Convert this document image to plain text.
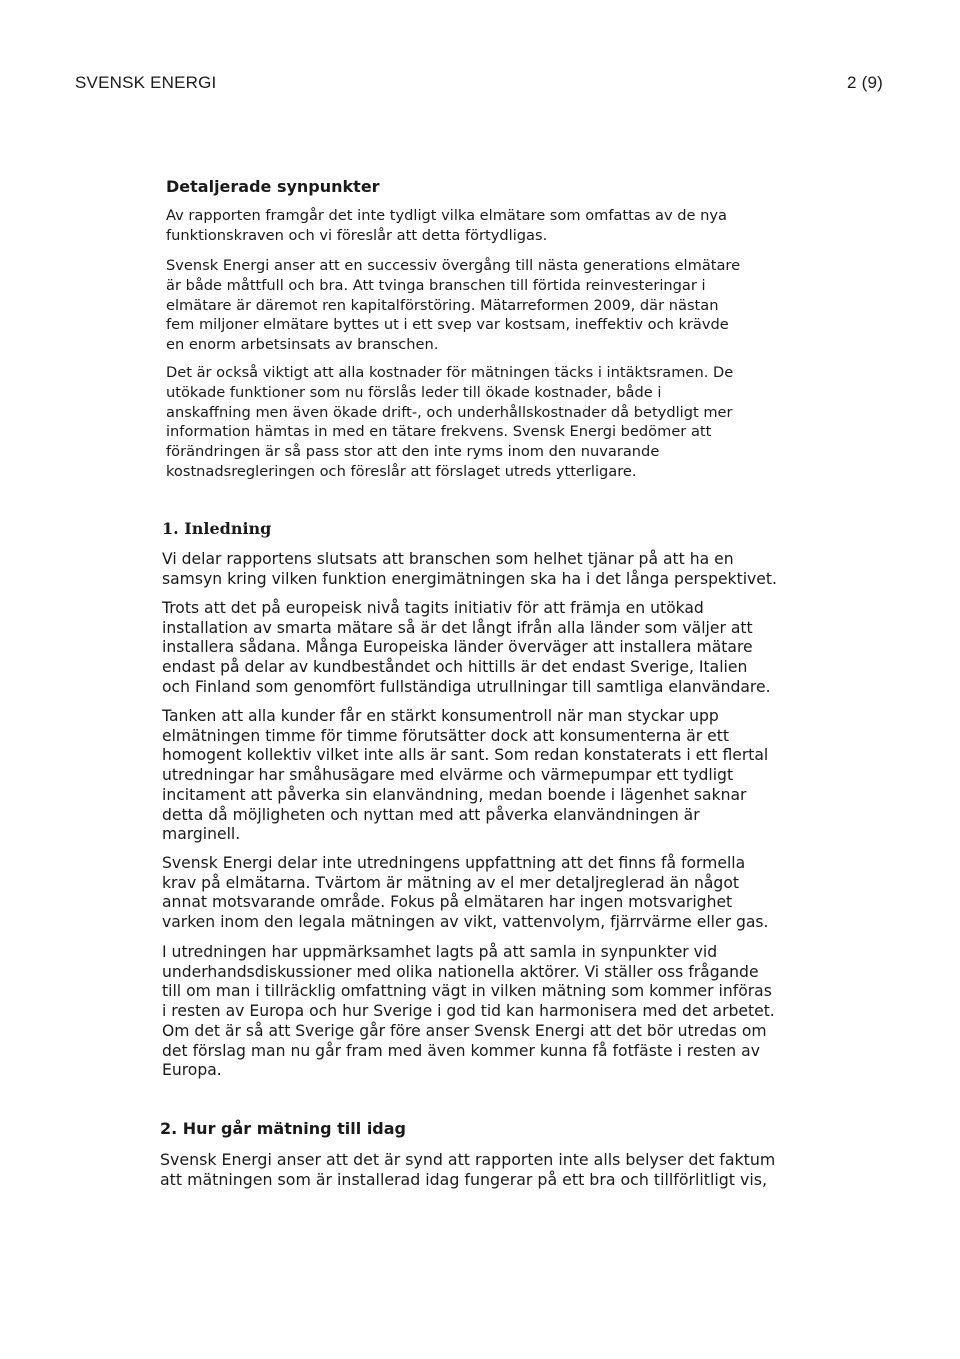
SVENSK ENERGI	2 (9)
Detaljerade synpunkter

Av rapporten framgår det inte tydligt vilka elmätare som omfattas av de nya
funktionskraven och vi föreslår att detta förtydligas.

Svensk Energi anser att en successiv övergång till nästa generations elmätare
är både måttfull och bra. Att tvinga branschen till förtida reinvesteringar i
elmätare är däremot ren kapitalförstöring. Mätarreformen 2009, där nästan
fem miljoner elmätare byttes ut i ett svep var kostsam, ineffektiv och krävde
en enorm arbetsinsats av branschen.

Det är också viktigt att alla kostnader för mätningen täcks i intäktsramen. De
utökade funktioner som nu förslås leder till ökade kostnader, både i
anskaffning men även ökade drift-, och underhållskostnader då betydligt mer
information hämtas in med en tätare frekvens. Svensk Energi bedömer att
förändringen är så pass stor att den inte ryms inom den nuvarande
kostnadsregleringen och föreslår att förslaget utreds ytterligare.

1. Inledning

Vi delar rapportens slutsats att branschen som helhet tjänar på att ha en
samsyn kring vilken funktion energimätningen ska ha i det långa perspektivet.

Trots att det på europeisk nivå tagits initiativ för att främja en utökad
installation av smarta mätare så är det långt ifrån alla länder som väljer att
installera sådana. Många Europeiska länder överväger att installera mätare
endast på delar av kundbeståndet och hittills är det endast Sverige, Italien
och Finland som genomfört fullständiga utrullningar till samtliga elanvändare.

Tanken att alla kunder får en stärkt konsumentroll när man styckar upp
elmätningen timme för timme förutsätter dock att konsumenterna är ett
homogent kollektiv vilket inte alls är sant. Som redan konstaterats i ett flertal
utredningar har småhusägare med elvärme och värmepumpar ett tydligt
incitament att påverka sin elanvändning, medan boende i lägenhet saknar
detta då möjligheten och nyttan med att påverka elanvändningen är
marginell.

Svensk Energi delar inte utredningens uppfattning att det finns få formella
krav på elmätarna. Tvärtom är mätning av el mer detaljreglerad än något
annat motsvarande område. Fokus på elmätaren har ingen motsvarighet
varken inom den legala mätningen av vikt, vattenvolym, fjärrvärme eller gas.

I utredningen har uppmärksamhet lagts på att samla in synpunkter vid
underhandsdiskussioner med olika nationella aktörer. Vi ställer oss frågande
till om man i tillräcklig omfattning vägt in vilken mätning som kommer införas
i resten av Europa och hur Sverige i god tid kan harmonisera med det arbetet.
Om det är så att Sverige går före anser Svensk Energi att det bör utredas om
det förslag man nu går fram med även kommer kunna få fotfäste i resten av
Europa.

2. Hur går mätning till idag

Svensk Energi anser att det är synd att rapporten inte alls belyser det faktum
att mätningen som är installerad idag fungerar på ett bra och tillförlitligt vis,
